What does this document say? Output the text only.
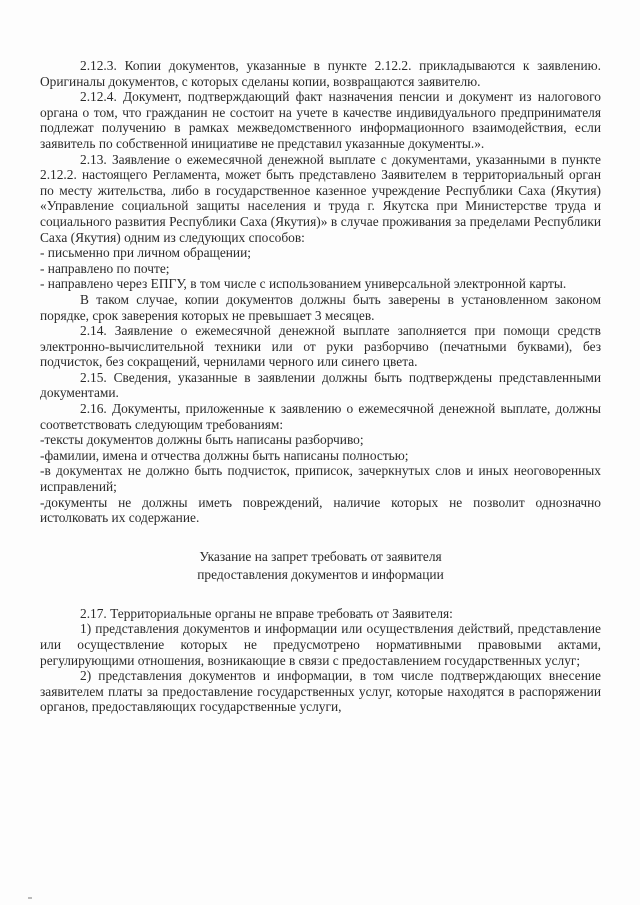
2.12.3. Копии документов, указанные в пункте 2.12.2. прикладываются к заявлению. Оригиналы документов, с которых сделаны копии, возвращаются заявителю.

2.12.4. Документ, подтверждающий факт назначения пенсии и документ из налогового органа о том, что гражданин не состоит на учете в качестве индивидуального предпринимателя подлежат получению в рамках межведомственного информационного взаимодействия, если заявитель по собственной инициативе не представил указанные документы.».

2.13. Заявление о ежемесячной денежной выплате с документами, указанными в пункте 2.12.2. настоящего Регламента, может быть представлено Заявителем в территориальный орган по месту жительства, либо в государственное казенное учреждение Республики Саха (Якутия) «Управление социальной защиты населения и труда г. Якутска при Министерстве труда и социального развития Республики Саха (Якутия)» в случае проживания за пределами Республики Саха (Якутия) одним из следующих способов:

- письменно при личном обращении;

- направлено по почте;

- направлено через ЕПГУ, в том числе с использованием универсальной электронной карты.

В таком случае, копии документов должны быть заверены в установленном законом порядке, срок заверения которых не превышает 3 месяцев.

2.14. Заявление о ежемесячной денежной выплате заполняется при помощи средств электронно-вычислительной техники или от руки разборчиво (печатными буквами), без подчисток, без сокращений, чернилами черного или синего цвета.

2.15. Сведения, указанные в заявлении должны быть подтверждены представленными документами.

2.16. Документы, приложенные к заявлению о ежемесячной денежной выплате, должны соответствовать следующим требованиям:

-тексты документов должны быть написаны разборчиво;

-фамилии, имена и отчества должны быть написаны полностью;

-в документах не должно быть подчисток, приписок, зачеркнутых слов и иных неоговоренных исправлений;

-документы не должны иметь повреждений, наличие которых не позволит однозначно истолковать их содержание.

Указание на запрет требовать от заявителя
предоставления документов и информации

2.17. Территориальные органы не вправе требовать от Заявителя:

1) представления документов и информации или осуществления действий, представление или осуществление которых не предусмотрено нормативными правовыми актами, регулирующими отношения, возникающие в связи с предоставлением государственных услуг;

2) представления документов и информации, в том числе подтверждающих внесение заявителем платы за предоставление государственных услуг, которые находятся в распоряжении органов, предоставляющих государственные услуги,
